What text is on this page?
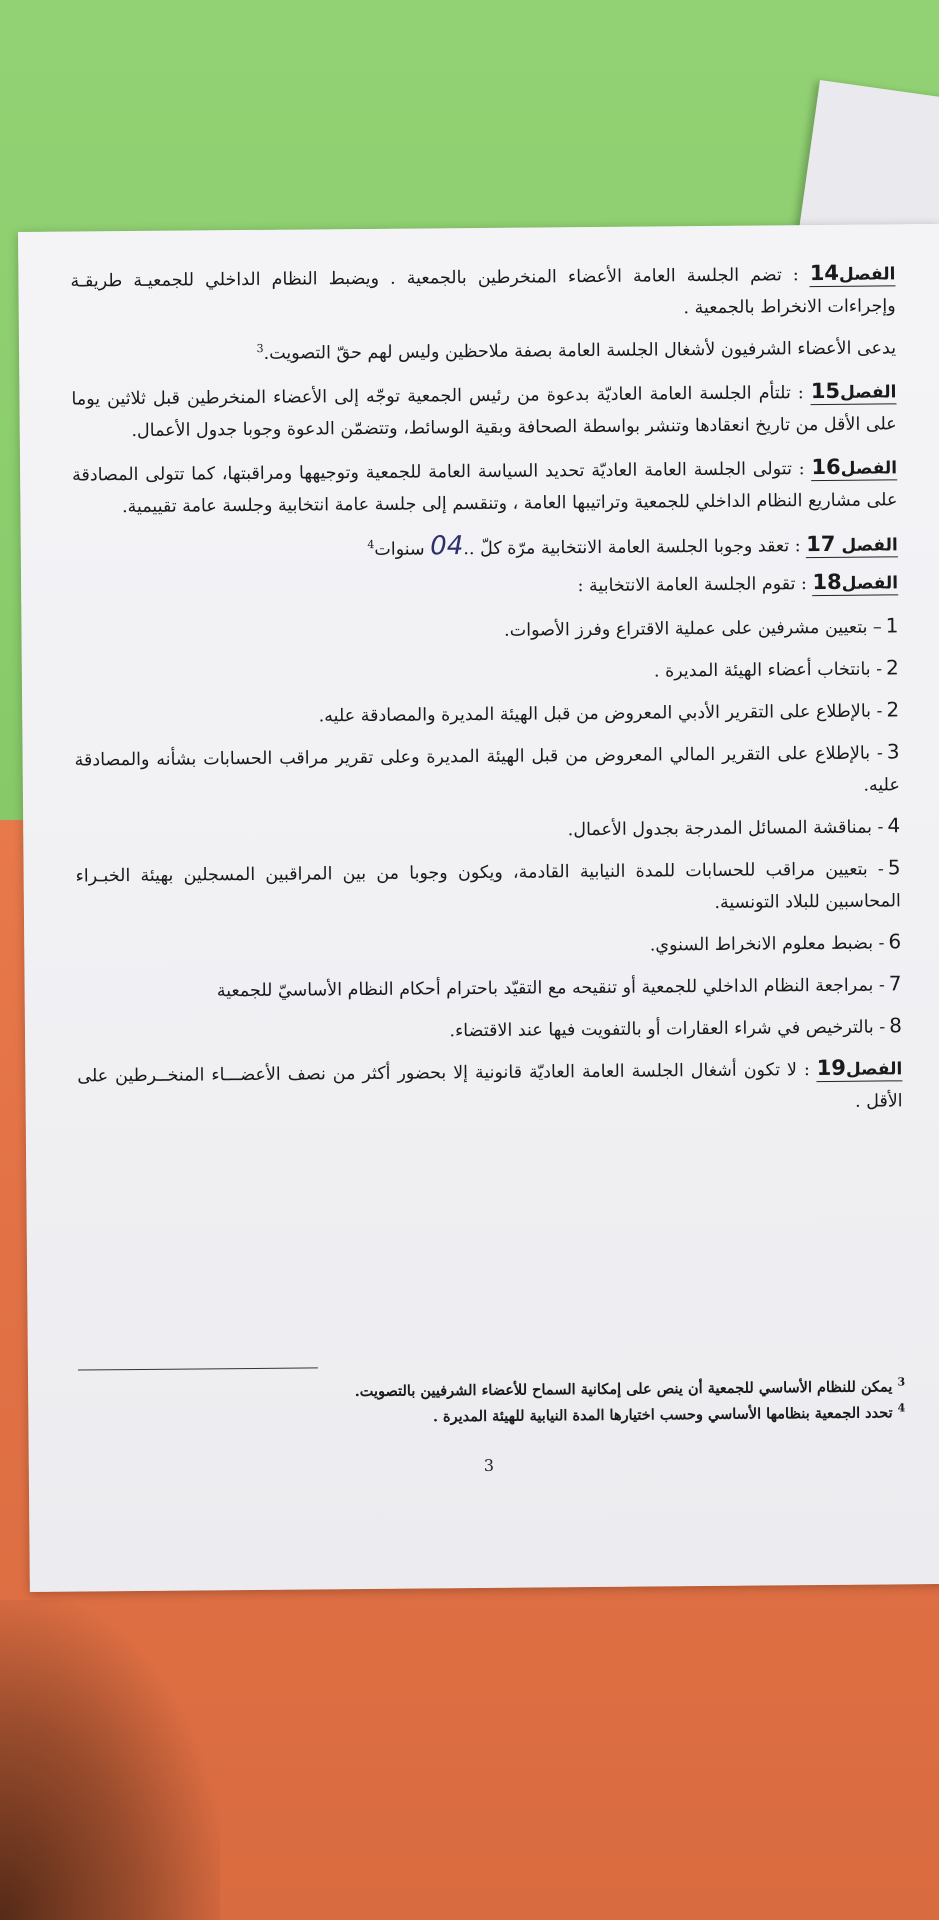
الفصل14 : تضم الجلسة العامة الأعضاء المنخرطين بالجمعية . ويضبط النظام الداخلي للجمعيـة طريقـة وإجراءات الانخراط بالجمعية .

يدعى الأعضاء الشرفيون لأشغال الجلسة العامة بصفة ملاحظين وليس لهم حقّ التصويت.$^3$

الفصل15 : تلتأم الجلسة العامة العاديّة بدعوة من رئيس الجمعية توجّه إلى الأعضاء المنخرطين قبل ثلاثين يوما على الأقل من تاريخ انعقادها وتنشر بواسطة الصحافة وبقية الوسائط، وتتضمّن الدعوة وجوبا جدول الأعمال.

الفصل16 : تتولى الجلسة العامة العاديّة تحديد السياسة العامة للجمعية وتوجيهها ومراقبتها، كما تتولى المصادقة على مشاريع النظام الداخلي للجمعية وتراتيبها العامة ، وتنقسم إلى جلسة عامة انتخابية وجلسة عامة تقييمية.

الفصل 17 : تعقد وجوبا الجلسة العامة الانتخابية مرّة كلّ ..04 سنوات$^4$

الفصل18 : تقوم الجلسة العامة الانتخابية :

1– بتعيين مشرفين على عملية الاقتراع وفرز الأصوات.

2- بانتخاب أعضاء الهيئة المديرة .

2- بالإطلاع على التقرير الأدبي المعروض من قبل الهيئة المديرة والمصادقة عليه.

3- بالإطلاع على التقرير المالي المعروض من قبل الهيئة المديرة وعلى تقرير مراقب الحسابات بشأنه والمصادقة عليه.

4- بمناقشة المسائل المدرجة بجدول الأعمال.

5- بتعيين مراقب للحسابات للمدة النيابية القادمة، ويكون وجوبا من بين المراقبين المسجلين بهيئة الخبـراء المحاسبين للبلاد التونسية.

6- بضبط معلوم الانخراط السنوي.

7- بمراجعة النظام الداخلي للجمعية أو تنقيحه مع التقيّد باحترام أحكام النظام الأساسيّ للجمعية

8- بالترخيص في شراء العقارات أو بالتفويت فيها عند الاقتضاء.

الفصل19 : لا تكون أشغال الجلسة العامة العاديّة قانونية إلا بحضور أكثر من نصف الأعضـــاء المنخــرطين على الأقل .

$^3$ يمكن للنظام الأساسي للجمعية أن ينص على إمكانية السماح للأعضاء الشرفيين بالتصويت.
$^4$ تحدد الجمعية بنظامها الأساسي وحسب اختيارها المدة النيابية للهيئة المديرة .
3
